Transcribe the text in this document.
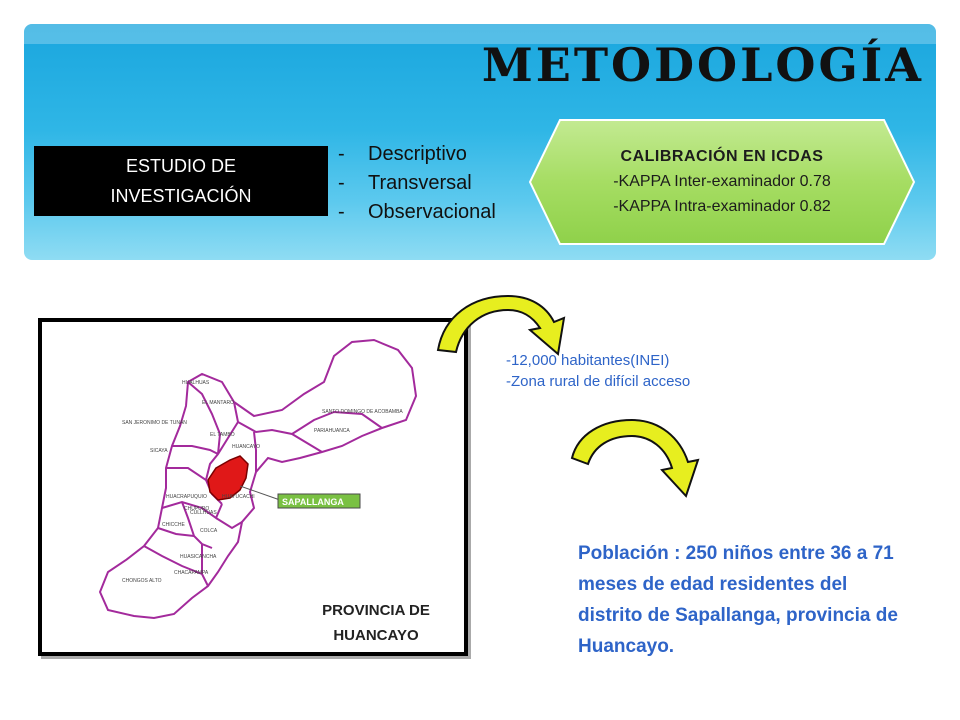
METODOLOGÍA
ESTUDIO DE INVESTIGACIÓN
- Descriptivo
- Transversal
- Observacional
CALIBRACIÓN EN ICDAS
-KAPPA Inter-examinador 0.78
-KAPPA Intra-examinador 0.82
SAPALLANGA
SANTO DOMINGO DE ACOBAMBA
PARIAHUANCA
SAN JERONIMO DE TUNAN
EL TAMBO
HUANCAYO
SICAYA
HUACRAPUQUIO	HUAYUCACHI
HUALHUAS
CHUPURO
CULLHUAS
CHACAPAMPA
CHICCHE
COLCA
CHONGOS ALTO
EL MANTARO
HUASICANCHA
PROVINCIA DE HUANCAYO
-12,000 habitantes(INEI)
-Zona rural de difícil acceso
Población : 250 niños entre 36 a 71 meses de edad residentes del distrito de Sapallanga, provincia de Huancayo.
